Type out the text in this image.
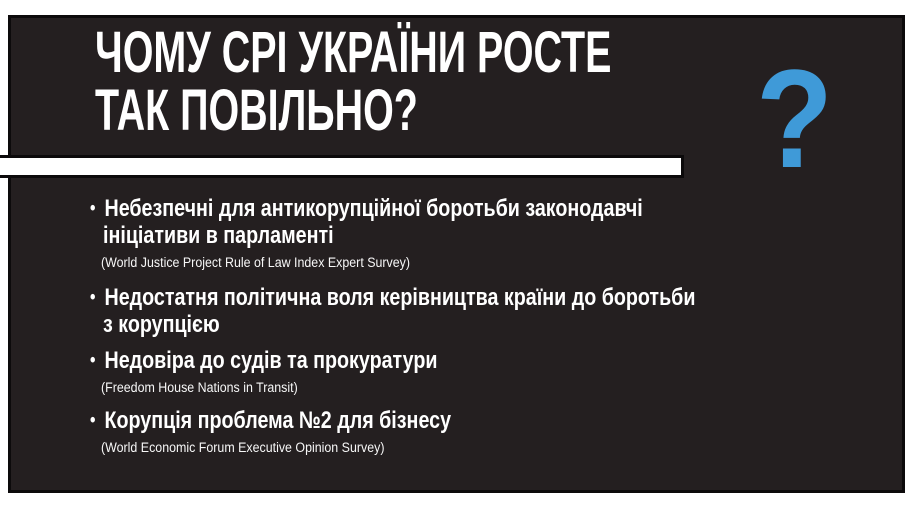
ЧОМУ CPI УКРАЇНИ РОСТЕ
ТАК ПОВІЛЬНО?	?
• Небезпечні для антикорупційної боротьби законодавчі
ініціативи в парламенті
(World Justice Project Rule of Law Index Expert Survey)
• Недостатня політична воля керівництва країни до боротьби
з корупцією
• Недовіра до судів та прокуратури
(Freedom House Nations in Transit)
• Корупція проблема №2 для бізнесу
(World Economic Forum Executive Opinion Survey)
